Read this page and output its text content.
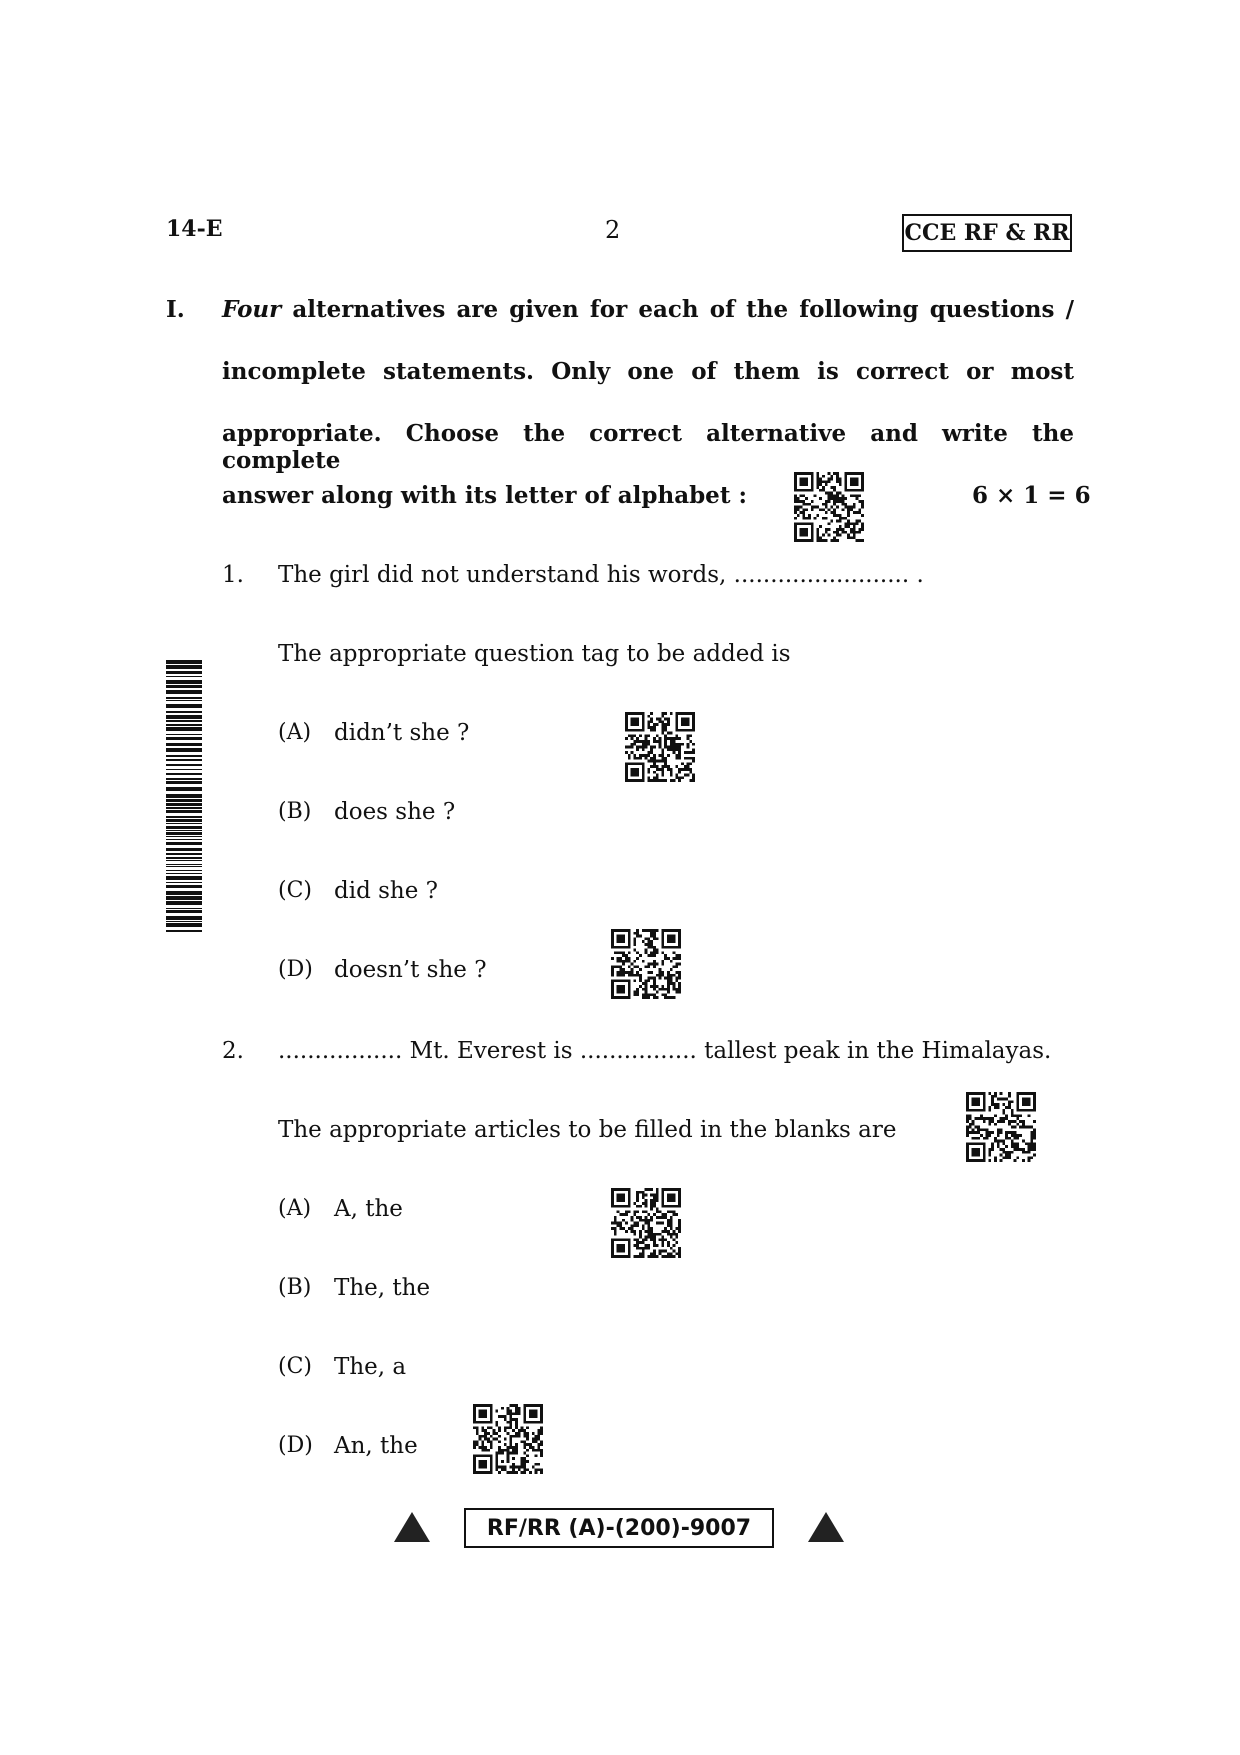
14-E	2	CCE RF & RR
I. Four alternatives are given for each of the following questions /
incomplete statements. Only one of them is correct or most
appropriate. Choose the correct alternative and write the complete
answer along with its letter of alphabet :	6 × 1 = 6
1. The girl did not understand his words, ........................ .
The appropriate question tag to be added is
(A) didn’t she ?
(B) does she ?
(C) did she ?
(D) doesn’t she ?
2. ................. Mt. Everest is ................ tallest peak in the Himalayas.
The appropriate articles to be filled in the blanks are
(A) A, the
(B) The, the
(C) The, a
(D) An, the
RF/RR (A)-(200)-9007
